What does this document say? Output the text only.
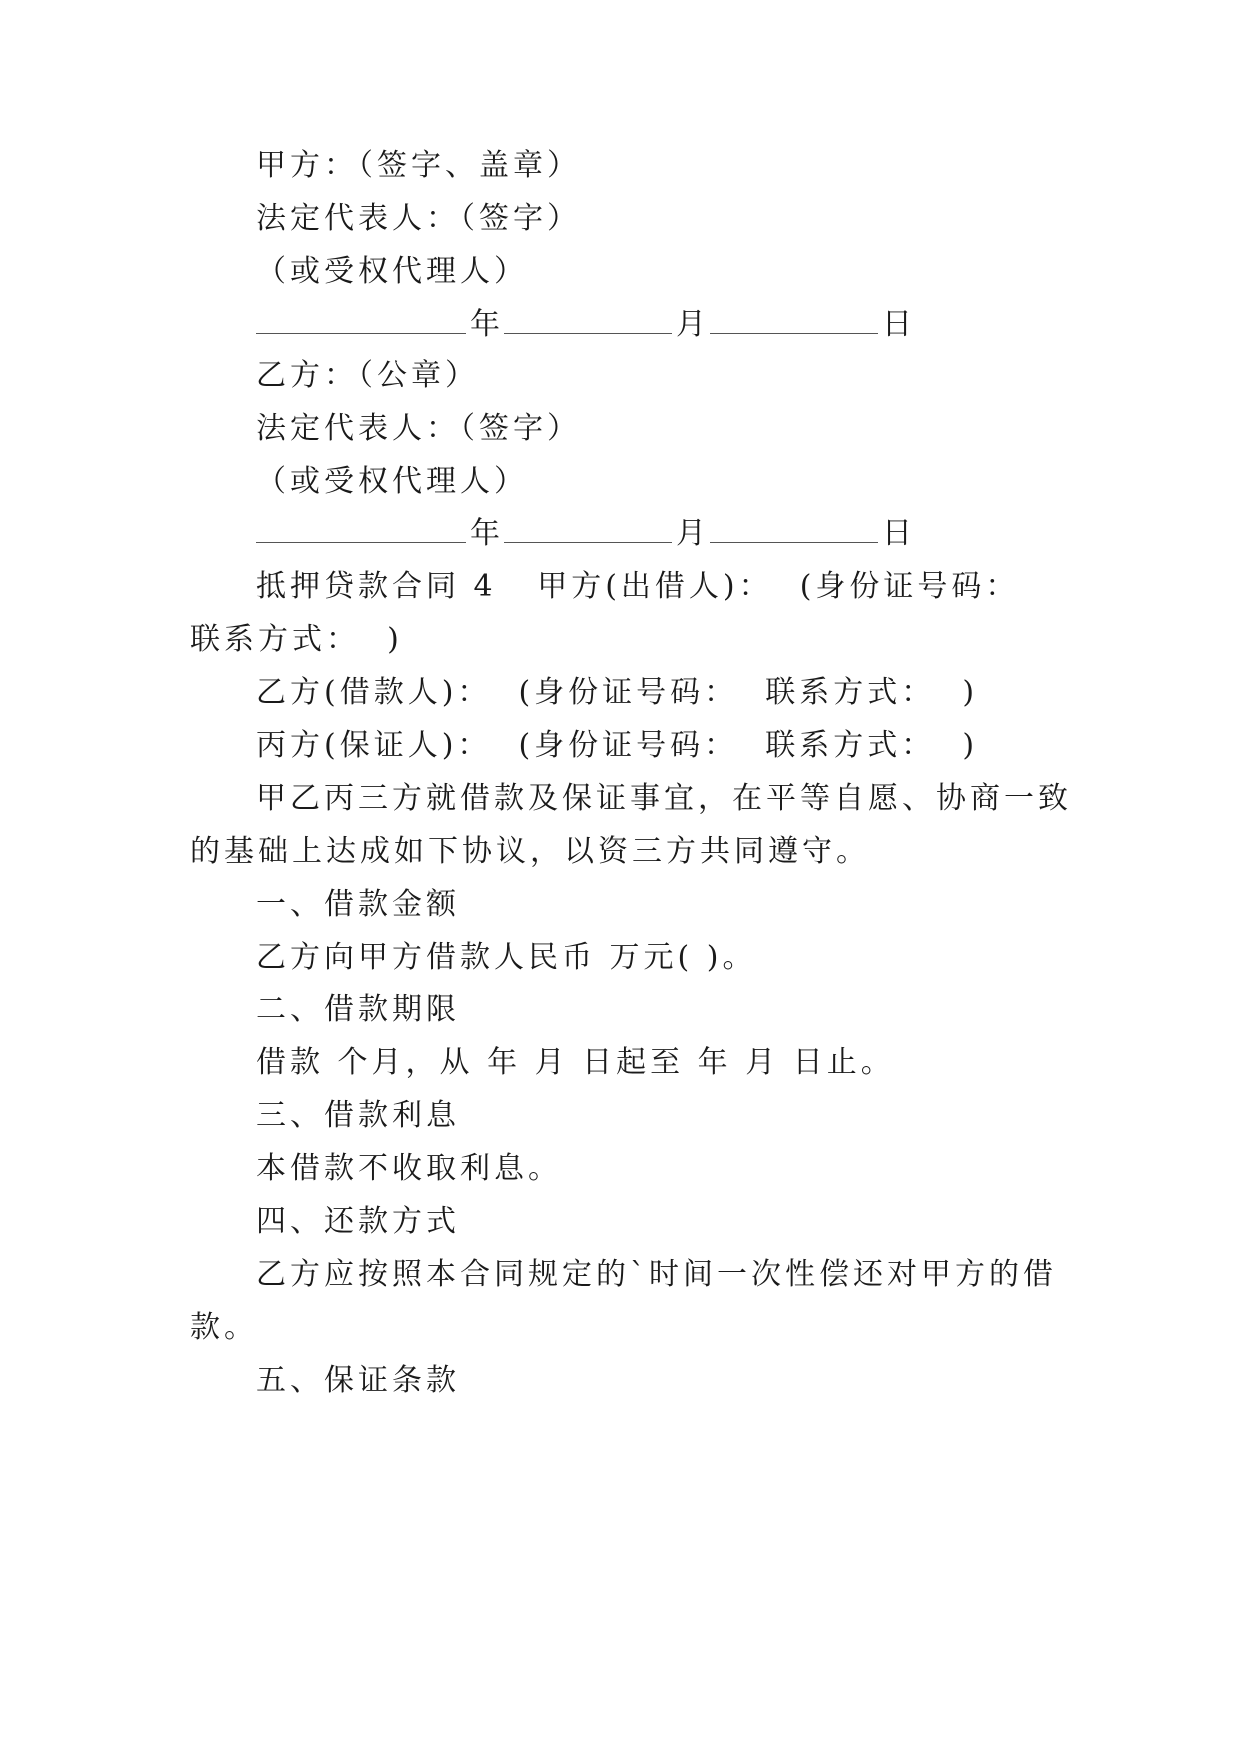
甲方：（签字、盖章）
法定代表人：（签字）
（或受权代理人）
年	月	日
乙方：（公章）
法定代表人：（签字）
（或受权代理人）
年	月	日
抵押贷款合同 4   甲方(出借人)：  (身份证号码：
联系方式：  )
乙方(借款人)：  (身份证号码：  联系方式：  )
丙方(保证人)：  (身份证号码：  联系方式：  )
甲乙丙三方就借款及保证事宜，在平等自愿、协商一致
的基础上达成如下协议，以资三方共同遵守。
一、借款金额
乙方向甲方借款人民币 万元( )。
二、借款期限
借款 个月，从 年 月 日起至 年 月 日止。
三、借款利息
本借款不收取利息。
四、还款方式
乙方应按照本合同规定的`时间一次性偿还对甲方的借
款。
五、保证条款
